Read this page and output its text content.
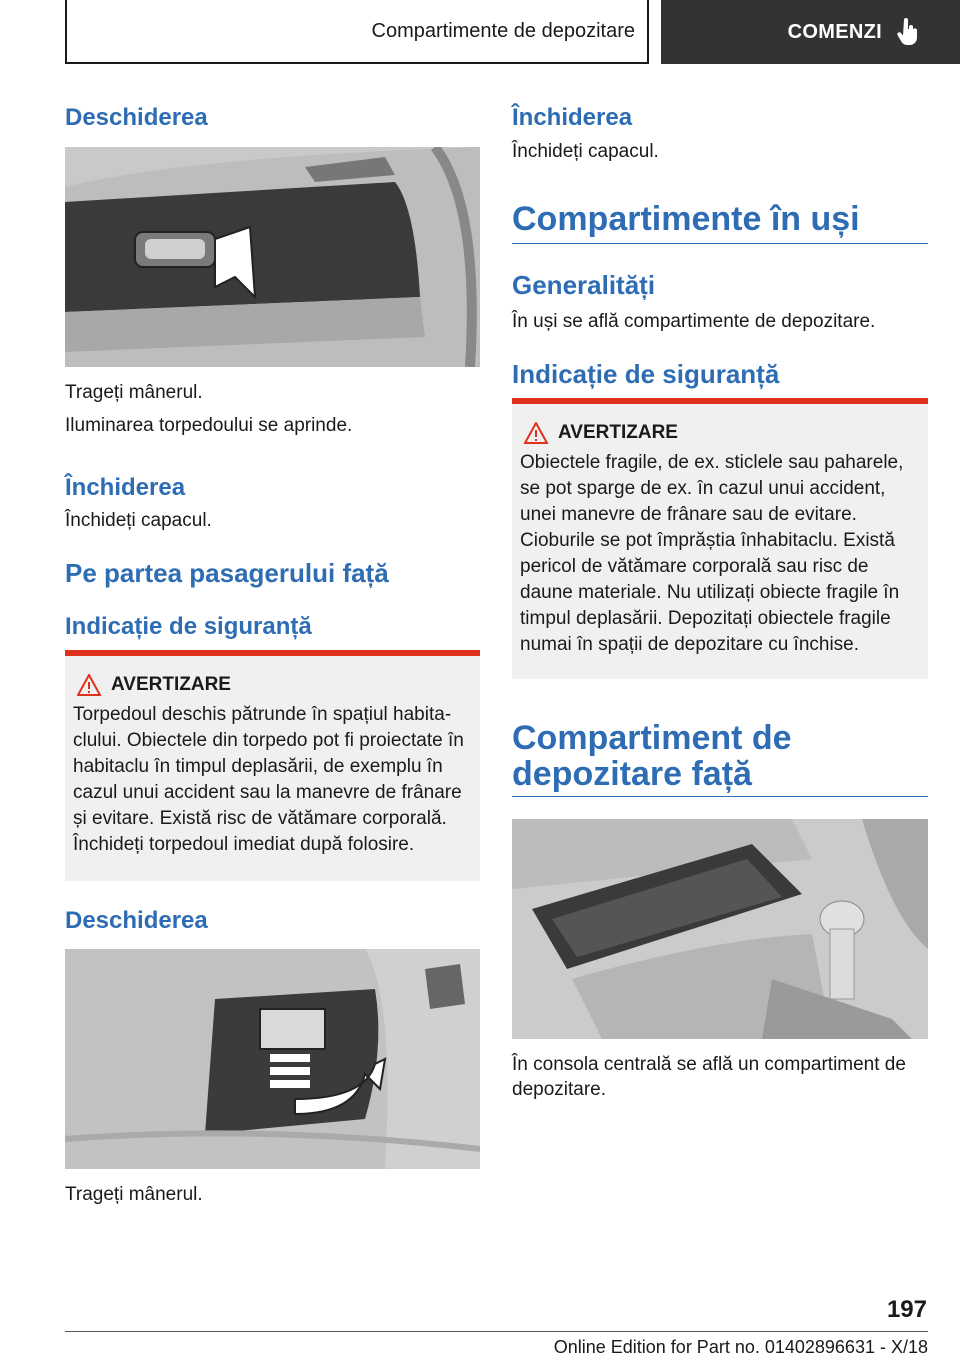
Compartimente de depozitare	COMENZI
Deschiderea

Trageți mânerul.

Iluminarea torpedoului se aprinde.

Închiderea

Închideți capacul.

Pe partea pasagerului față
Indicație de siguranță
AVERTIZARE
Torpedoul deschis pătrunde în spațiul habitaclului. Obiectele din torpedo pot fi proiectate în habitaclu în timpul deplasării, de exemplu în cazul unui accident sau la manevre de frânare și evitare. Există risc de vătămare corporală. Închideți torpedoul imediat după folosire.
Deschiderea

Trageți mânerul.

Închiderea

Închideți capacul.

Compartimente în uși
Generalități

În uși se află compartimente de depozitare.

Indicație de siguranță
AVERTIZARE
Obiectele fragile, de ex. sticlele sau paharele, se pot sparge de ex. în cazul unui accident, unei manevre de frânare sau de evitare. Cioburile se pot împrăștia înhabitaclu. Există pericol de vătămare corporală sau risc de daune materiale. Nu utilizați obiecte fragile în timpul deplasării. Depozitați obiectele fragile numai în spații de depozitare cu închise.
Compartiment de
depozitare față

În consola centrală se află un compartiment de depozitare.

197
Online Edition for Part no. 01402896631 - X/18
